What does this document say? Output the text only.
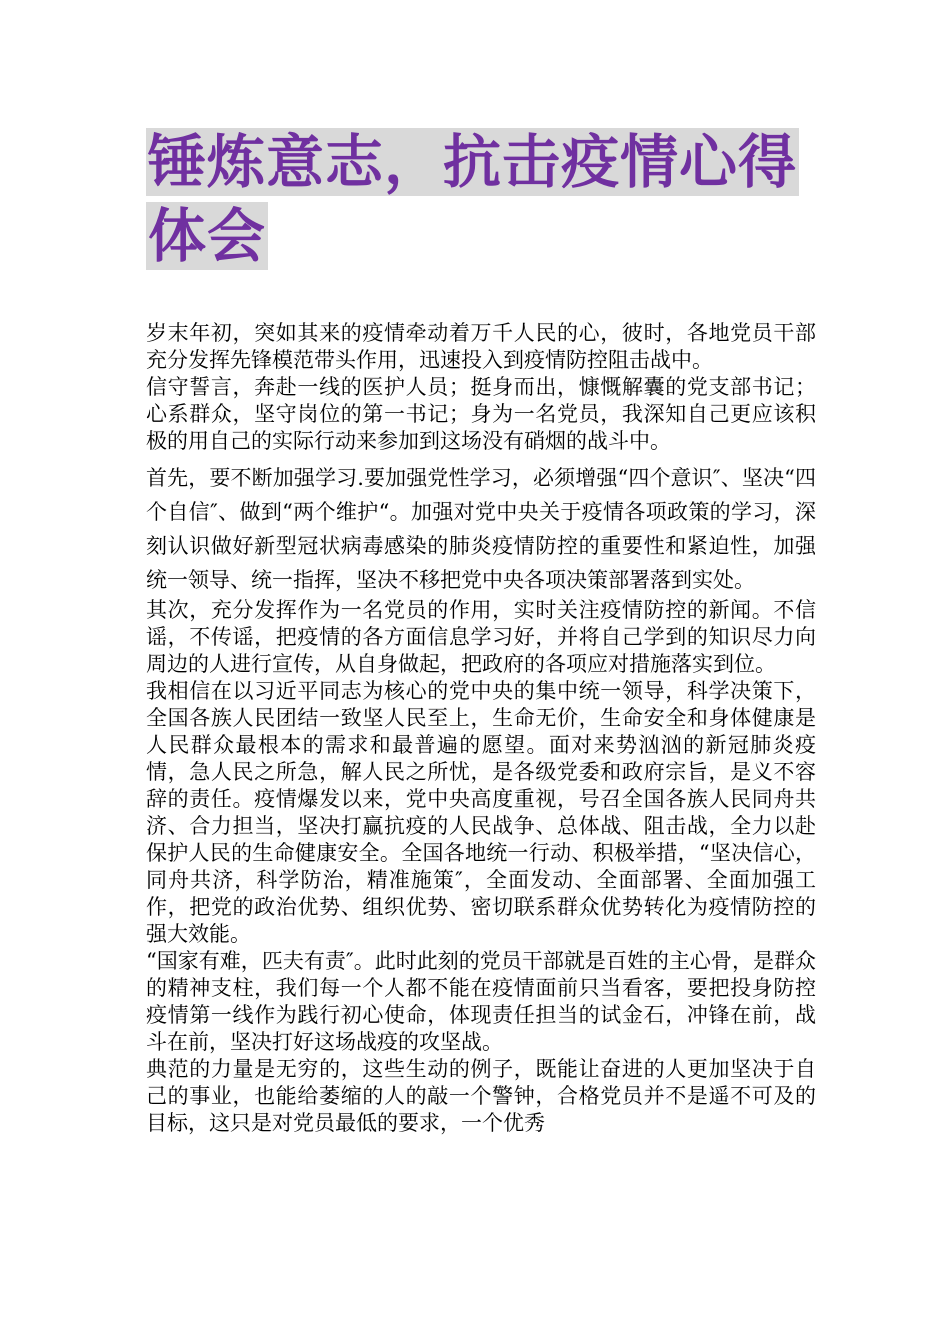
锤炼意志，抗击疫情心得体会

岁末年初，突如其来的疫情牵动着万千人民的心，彼时，各地党员干部充分发挥先锋模范带头作用，迅速投入到疫情防控阻击战中。

信守誓言，奔赴一线的医护人员；挺身而出，慷慨解囊的党支部书记；心系群众，坚守岗位的第一书记；身为一名党员，我深知自己更应该积极的用自己的实际行动来参加到这场没有硝烟的战斗中。

首先，要不断加强学习.要加强党性学习，必须增强“四个意识″、坚决“四个自信″、做到“两个维护“。加强对党中央关于疫情各项政策的学习，深刻认识做好新型冠状病毒感染的肺炎疫情防控的重要性和紧迫性，加强统一领导、统一指挥，坚决不移把党中央各项决策部署落到实处。

其次，充分发挥作为一名党员的作用，实时关注疫情防控的新闻。不信谣，不传谣，把疫情的各方面信息学习好，并将自己学到的知识尽力向周边的人进行宣传，从自身做起，把政府的各项应对措施落实到位。

我相信在以习近平同志为核心的党中央的集中统一领导，科学决策下，全国各族人民团结一致坚人民至上，生命无价，生命安全和身体健康是人民群众最根本的需求和最普遍的愿望。面对来势汹汹的新冠肺炎疫情，急人民之所急，解人民之所忧，是各级党委和政府宗旨，是义不容辞的责任。疫情爆发以来，党中央高度重视，号召全国各族人民同舟共济、合力担当，坚决打赢抗疫的人民战争、总体战、阻击战，全力以赴保护人民的生命健康安全。全国各地统一行动、积极举措，“坚决信心，同舟共济，科学防治，精准施策″，全面发动、全面部署、全面加强工作，把党的政治优势、组织优势、密切联系群众优势转化为疫情防控的强大效能。

“国家有难，匹夫有责″。此时此刻的党员干部就是百姓的主心骨，是群众的精神支柱，我们每一个人都不能在疫情面前只当看客，要把投身防控疫情第一线作为践行初心使命，体现责任担当的试金石，冲锋在前，战斗在前，坚决打好这场战疫的攻坚战。

典范的力量是无穷的，这些生动的例子，既能让奋进的人更加坚决于自己的事业，也能给萎缩的人的敲一个警钟，合格党员并不是遥不可及的目标，这只是对党员最低的要求，一个优秀
